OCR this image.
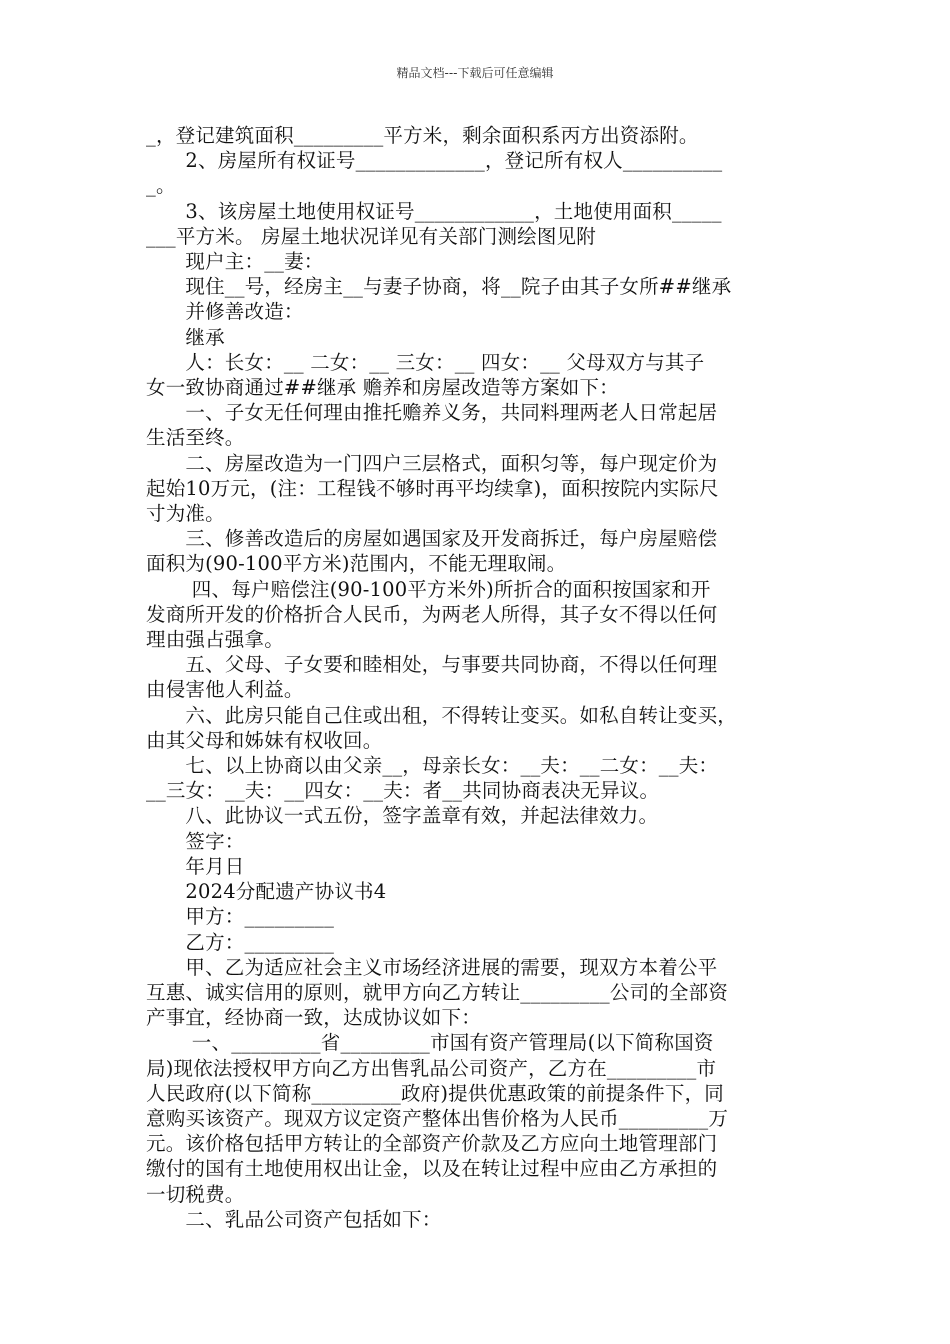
精品文档---下载后可任意编辑

_，登记建筑面积_________平方米，剩余面积系丙方出资添附。

　　2、房屋所有权证号_____________，登记所有权人__________

_。

　　3、该房屋土地使用权证号____________，土地使用面积_____

___平方米。 房屋土地状况详见有关部门测绘图见附

　　现户主：__妻：

　　现住__号，经房主__与妻子协商，将__院子由其子女所##继承

　　并修善改造：

　　继承

　　人：长女：__ 二女：__ 三女：__ 四女：__ 父母双方与其子

女一致协商通过##继承 赡养和房屋改造等方案如下：

　　一、子女无任何理由推托赡养义务，共同料理两老人日常起居

生活至终。

　　二、房屋改造为一门四户三层格式，面积匀等，每户现定价为

起始10万元，(注：工程钱不够时再平均续拿)，面积按院内实际尺

寸为准。

　　三、修善改造后的房屋如遇国家及开发商拆迁，每户房屋赔偿

面积为(90-100平方米)范围内，不能无理取闹。

　　 四、每户赔偿注(90-100平方米外)所折合的面积按国家和开

发商所开发的价格折合人民币，为两老人所得，其子女不得以任何

理由强占强拿。

　　五、父母、子女要和睦相处，与事要共同协商，不得以任何理

由侵害他人利益。

　　六、此房只能自己住或出租，不得转让变买。如私自转让变买，

由其父母和姊妹有权收回。

　　七、以上协商以由父亲__，母亲长女：__夫：__二女：__夫：

__三女：__夫：__四女：__夫：者__共同协商表决无异议。

　　八、此协议一式五份，签字盖章有效，并起法律效力。

　　签字：

　　年月日

　　2024分配遗产协议书4

　　甲方：_________

　　乙方：_________

　　甲、乙为适应社会主义市场经济进展的需要，现双方本着公平

互惠、诚实信用的原则，就甲方向乙方转让_________公司的全部资

产事宜，经协商一致，达成协议如下：

　　 一、_________省_________市国有资产管理局(以下简称国资

局)现依法授权甲方向乙方出售乳品公司资产，乙方在_________市

人民政府(以下简称_________政府)提供优惠政策的前提条件下，同

意购买该资产。现双方议定资产整体出售价格为人民币_________万

元。该价格包括甲方转让的全部资产价款及乙方应向土地管理部门

缴付的国有土地使用权出让金，以及在转让过程中应由乙方承担的

一切税费。

　　二、乳品公司资产包括如下：
